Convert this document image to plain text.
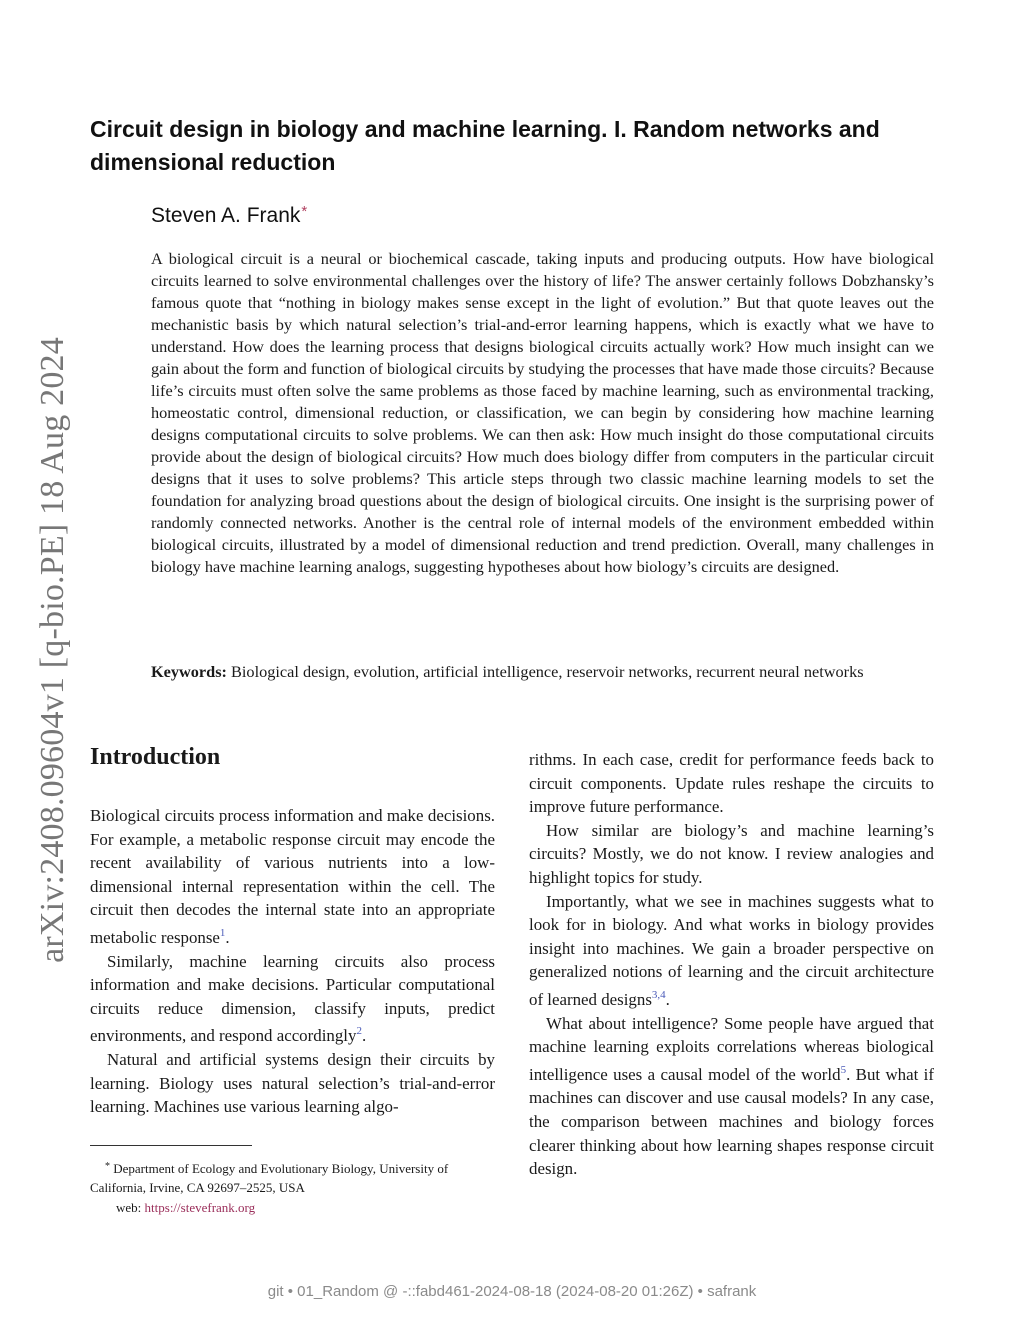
arXiv:2408.09604v1 [q-bio.PE] 18 Aug 2024
Circuit design in biology and machine learning. I. Random networks and dimensional reduction
Steven A. Frank*

A biological circuit is a neural or biochemical cascade, taking inputs and producing outputs. How have biological circuits learned to solve environmental challenges over the history of life? The answer certainly follows Dobzhansky’s famous quote that “nothing in biology makes sense except in the light of evolution.” But that quote leaves out the mechanistic basis by which natural selection’s trial-and-error learning happens, which is exactly what we have to understand. How does the learning process that designs biological circuits actually work? How much insight can we gain about the form and function of biological circuits by studying the processes that have made those circuits? Because life’s circuits must often solve the same problems as those faced by machine learning, such as environmental tracking, homeostatic control, dimensional reduction, or classification, we can begin by considering how machine learning designs computational circuits to solve problems. We can then ask: How much insight do those computational circuits provide about the design of biological circuits? How much does biology differ from computers in the particular circuit designs that it uses to solve problems? This article steps through two classic machine learning models to set the foundation for analyzing broad questions about the design of biological circuits. One insight is the surprising power of randomly connected networks. Another is the central role of internal models of the environment embedded within biological circuits, illustrated by a model of dimensional reduction and trend prediction. Overall, many challenges in biology have machine learning analogs, suggesting hypotheses about how biology’s circuits are designed.

Keywords: Biological design, evolution, artificial intelligence, reservoir networks, recurrent neural networks

Introduction

Biological circuits process information and make decisions. For example, a metabolic response circuit may encode the recent availability of various nutrients into a low-dimensional internal representation within the cell. The circuit then decodes the internal state into an appropriate metabolic response$^1$.

Similarly, machine learning circuits also process information and make decisions. Particular computational circuits reduce dimension, classify inputs, predict environments, and respond accordingly$^2$.

Natural and artificial systems design their circuits by learning. Biology uses natural selection’s trial-and-error learning. Machines use various learning algo-

rithms. In each case, credit for performance feeds back to circuit components. Update rules reshape the circuits to improve future performance.

How similar are biology’s and machine learning’s circuits? Mostly, we do not know. I review analogies and highlight topics for study.

Importantly, what we see in machines suggests what to look for in biology. And what works in biology provides insight into machines. We gain a broader perspective on generalized notions of learning and the circuit architecture of learned designs$^{3,4}$.

What about intelligence? Some people have argued that machine learning exploits correlations whereas biological intelligence uses a causal model of the world$^5$. But what if machines can discover and use causal models? In any case, the comparison between machines and biology forces clearer thinking about how learning shapes response circuit design.

* Department of Ecology and Evolutionary Biology, University of California, Irvine, CA 92697–2525, USA

web: https://stevefrank.org
git • 01_Random @ -::fabd461-2024-08-18 (2024-08-20 01:26Z) • safrank
